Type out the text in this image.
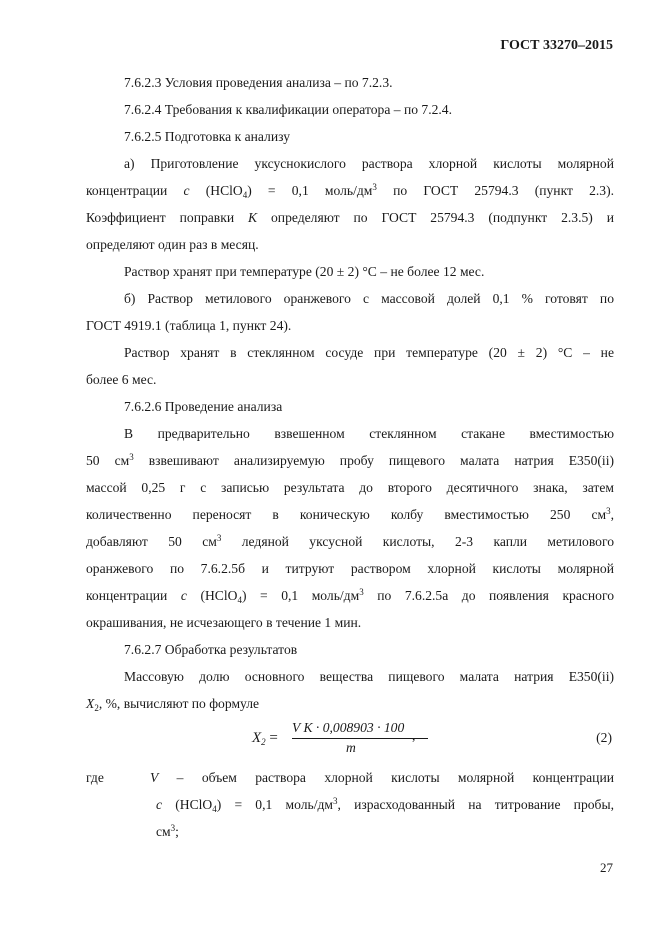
ГОСТ 33270–2015
7.6.2.3 Условия проведения анализа – по 7.2.3.
7.6.2.4 Требования к квалификации оператора – по 7.2.4.
7.6.2.5 Подготовка к анализу
а) Приготовление уксуснокислого раствора хлорной кислоты молярной
концентрации c (HClO$_4$) = 0,1 моль/$дм^3$ по ГОСТ 25794.3 (пункт 2.3).
Коэффициент поправки K определяют по ГОСТ 25794.3 (подпункт 2.3.5) и
определяют один раз в месяц.
Раствор хранят при температуре (20 ± 2) °С – не более 12 мес.
б) Раствор метилового оранжевого с массовой долей 0,1 % готовят по
ГОСТ 4919.1 (таблица 1, пункт 24).
Раствор хранят в стеклянном сосуде при температуре (20 ± 2) °С – не
более 6 мес.
7.6.2.6 Проведение анализа
В предварительно взвешенном стеклянном стакане вместимостью
50 $см^3$ взвешивают анализируемую пробу пищевого малата натрия Е350(ii)
массой 0,25 г с записью результата до второго десятичного знака, затем
количественно переносят в коническую колбу вместимостью 250 $см^3$,
добавляют 50 $см^3$ ледяной уксусной кислоты, 2-3 капли метилового
оранжевого по 7.6.2.5б и титруют раствором хлорной кислоты молярной
концентрации c (HClO$_4$) = 0,1 моль/$дм^3$ по 7.6.2.5а до появления красного
окрашивания, не исчезающего в течение 1 мин.
7.6.2.7 Обработка результатов
Массовую долю основного вещества пищевого малата натрия Е350(ii)
$X_2$, %, вычисляют по формуле
$X_2$ =
V K · 0,008903 · 100
m
,	(2)
где	V – объем раствора хлорной кислоты молярной концентрации
c (HClO$_4$) = 0,1 моль/$дм^3$, израсходованный на титрование пробы,
$см^3$;
27
